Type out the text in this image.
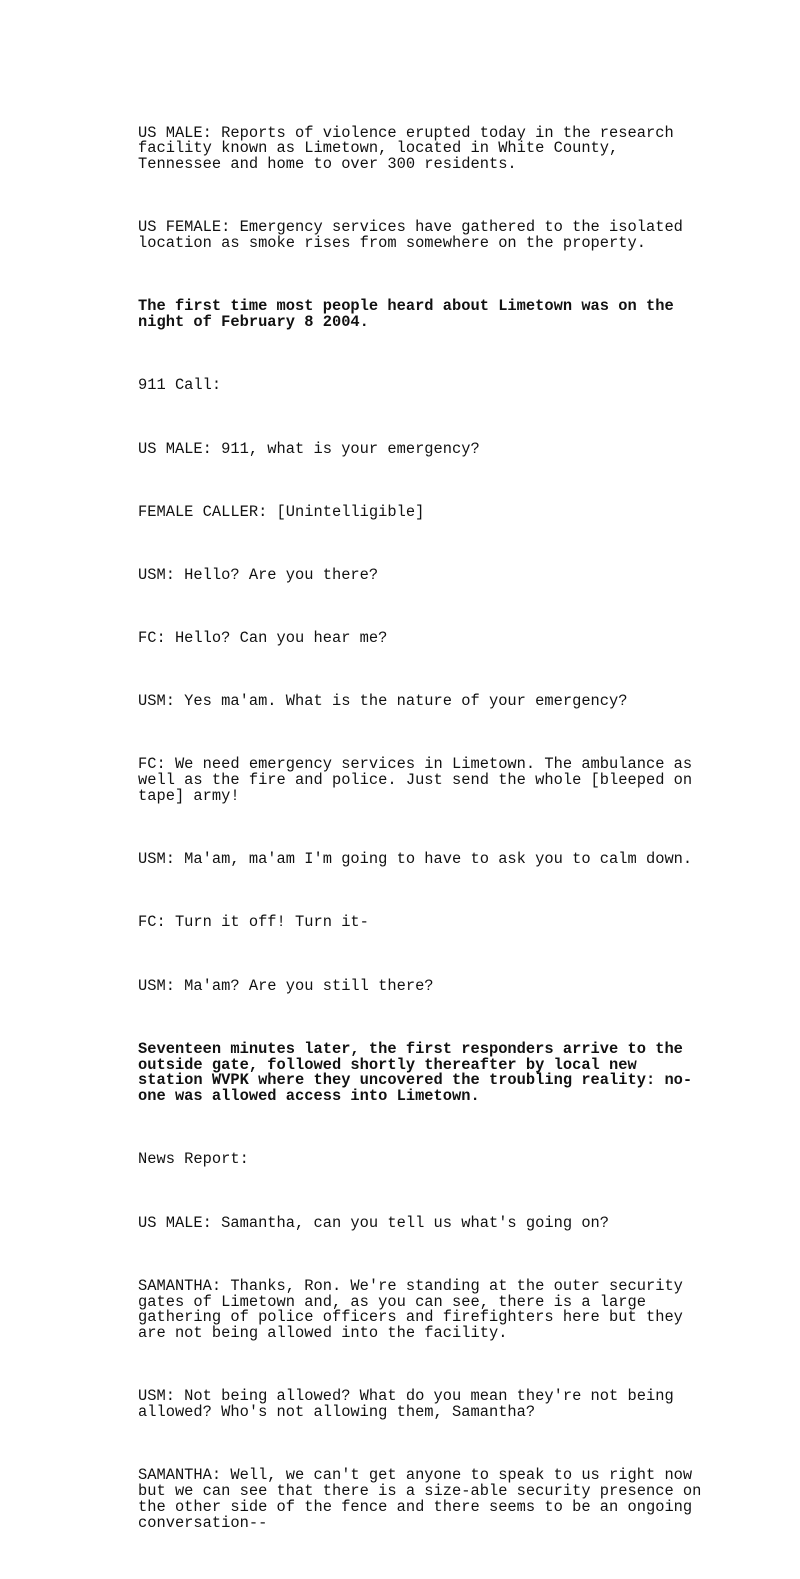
US MALE: Reports of violence erupted today in the research
facility known as Limetown, located in White County,
Tennessee and home to over 300 residents.

US FEMALE: Emergency services have gathered to the isolated
location as smoke rises from somewhere on the property.

The first time most people heard about Limetown was on the
night of February 8 2004.

911 Call:

US MALE: 911, what is your emergency?

FEMALE CALLER: [Unintelligible]

USM: Hello? Are you there?

FC: Hello? Can you hear me?

USM: Yes ma'am. What is the nature of your emergency?

FC: We need emergency services in Limetown. The ambulance as
well as the fire and police. Just send the whole [bleeped on
tape] army!

USM: Ma'am, ma'am I'm going to have to ask you to calm down.

FC: Turn it off! Turn it-

USM: Ma'am? Are you still there?

Seventeen minutes later, the first responders arrive to the
outside gate, followed shortly thereafter by local new
station WVPK where they uncovered the troubling reality: no-
one was allowed access into Limetown.

News Report:

US MALE: Samantha, can you tell us what's going on?

SAMANTHA: Thanks, Ron. We're standing at the outer security
gates of Limetown and, as you can see, there is a large
gathering of police officers and firefighters here but they
are not being allowed into the facility.

USM: Not being allowed? What do you mean they're not being
allowed? Who's not allowing them, Samantha?

SAMANTHA: Well, we can't get anyone to speak to us right now
but we can see that there is a size-able security presence on
the other side of the fence and there seems to be an ongoing
conversation--
